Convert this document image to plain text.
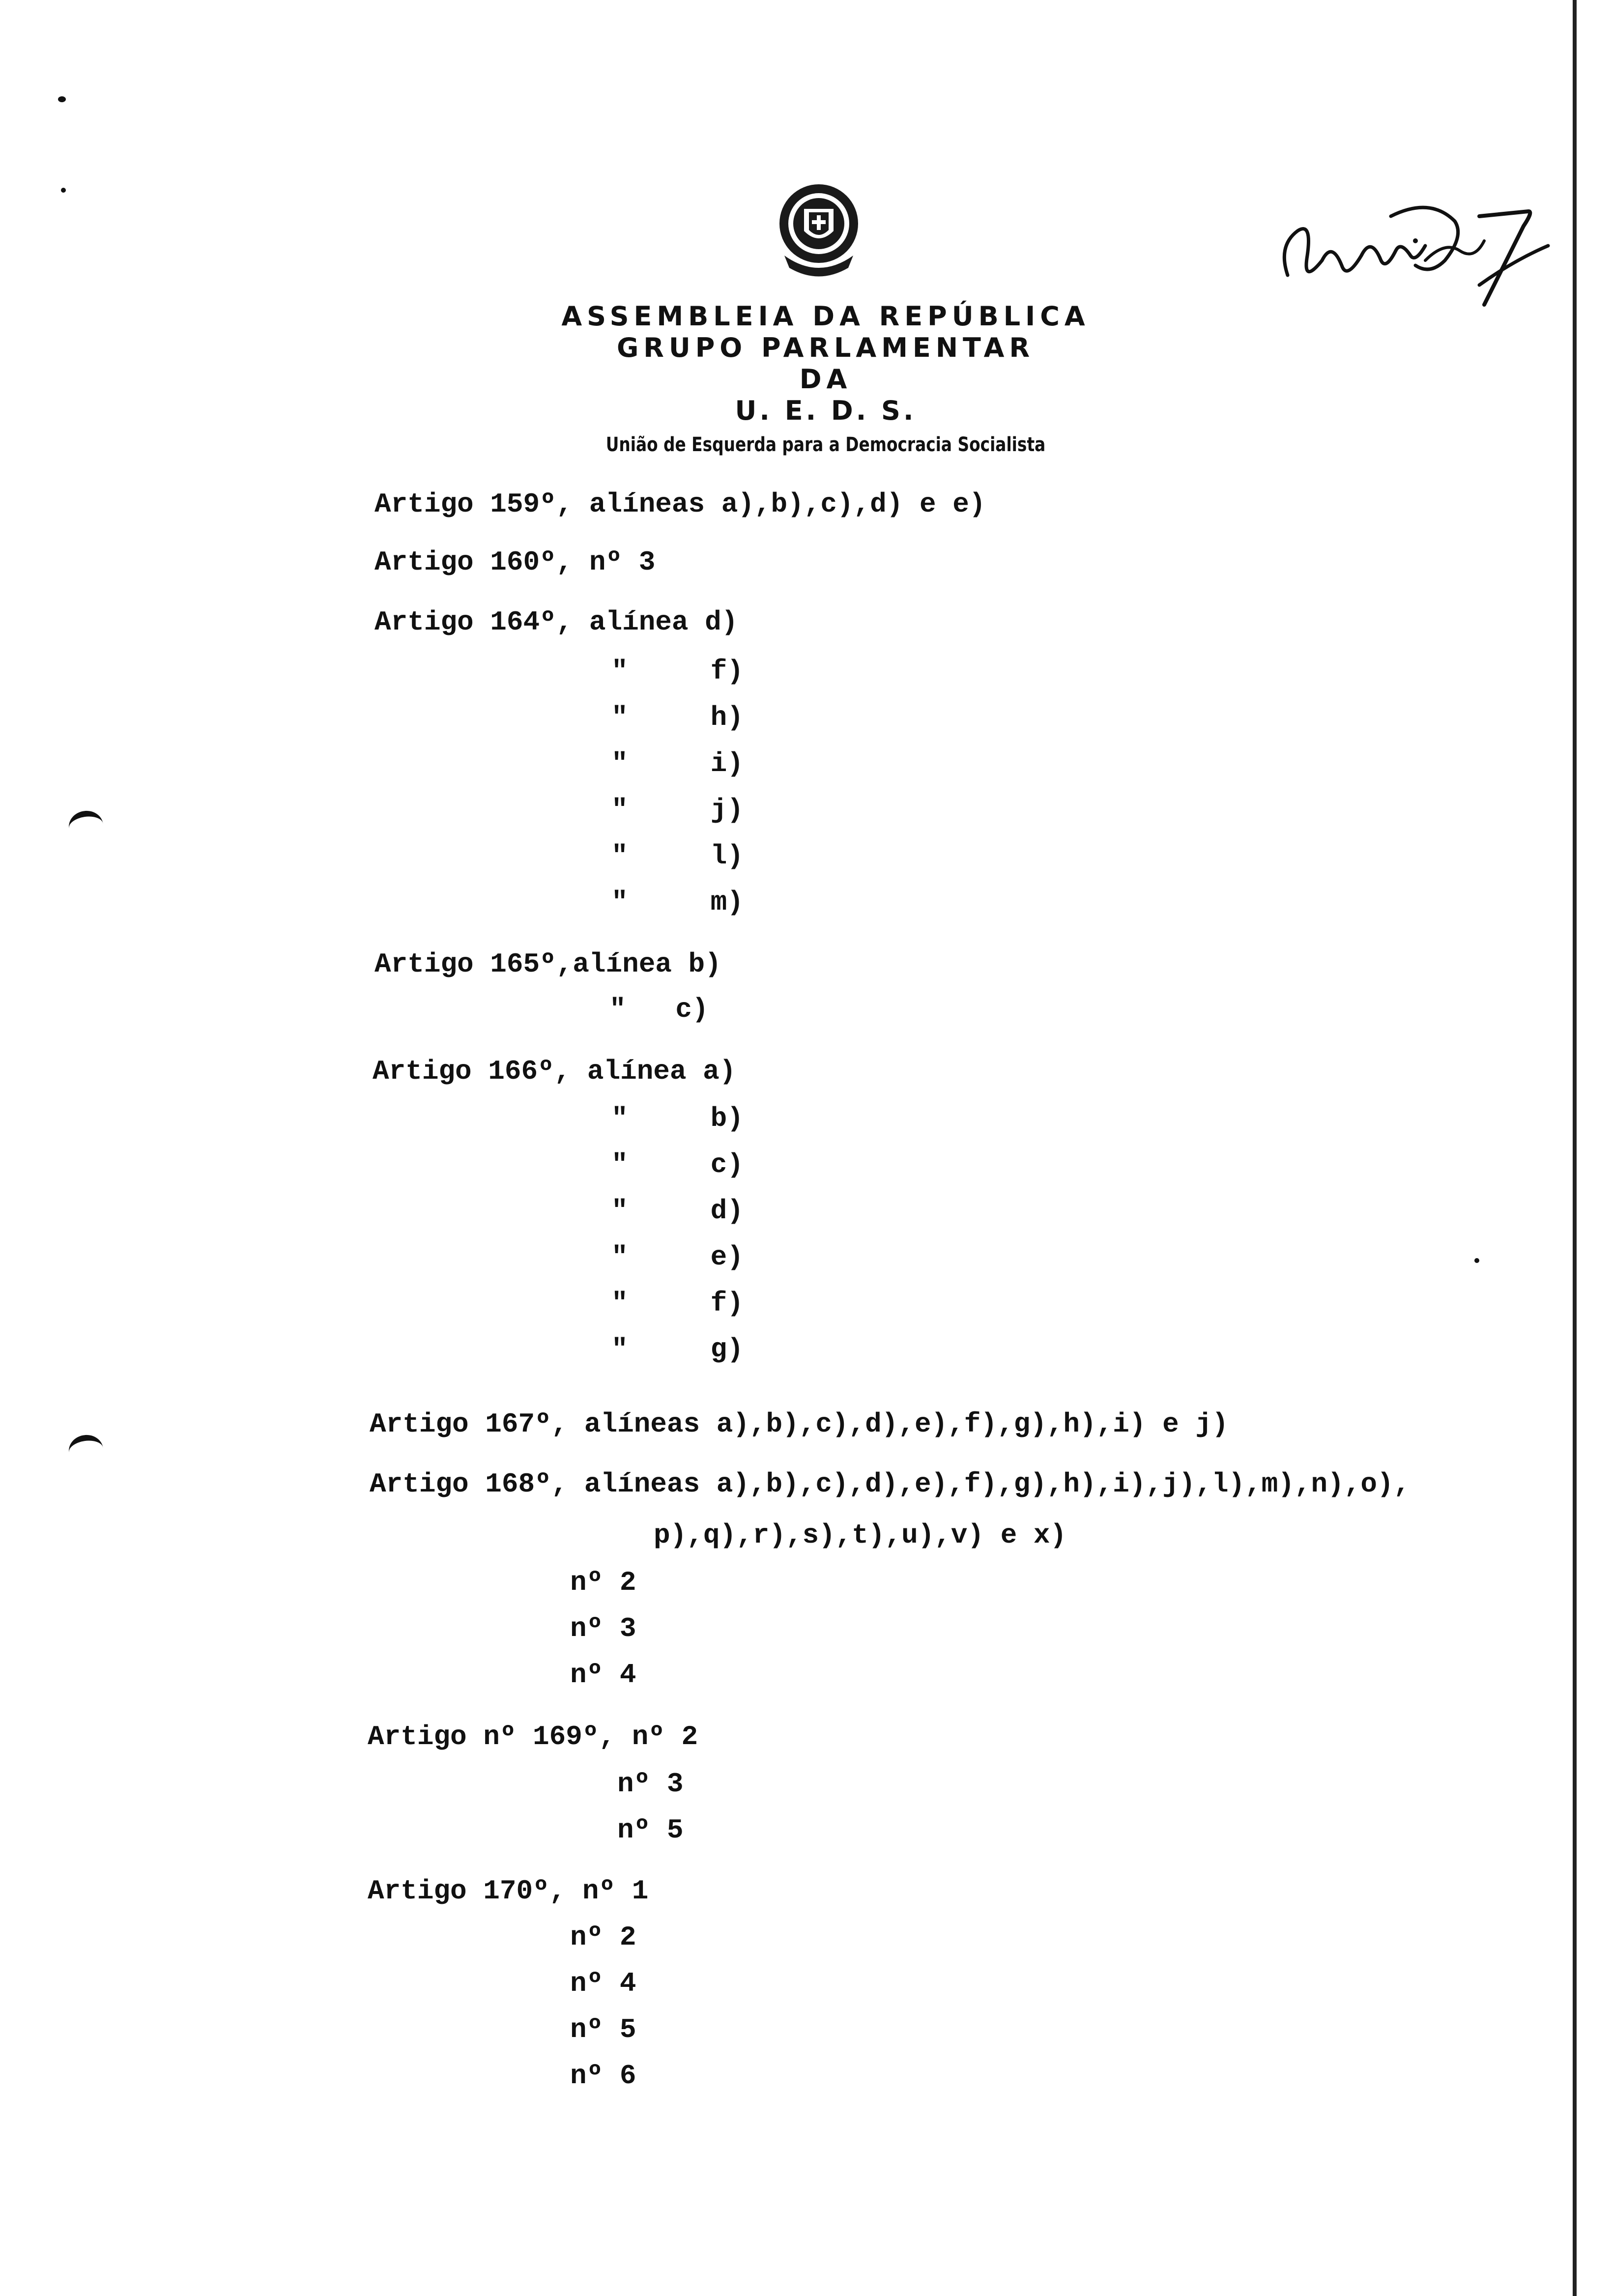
ASSEMBLEIA DA REPÚBLICA
GRUPO PARLAMENTAR
DA
U. E. D. S.
União de Esquerda para a Democracia Socialista
Artigo 159º, alíneas a),b),c),d) e e)
Artigo 160º, nº 3
Artigo 164º, alínea d)
"     f)
"     h)
"     i)
"     j)
"     l)
"     m)
Artigo 165º,alínea b)
"   c)
Artigo 166º, alínea a)
"     b)
"     c)
"     d)
"     e)
"     f)
"     g)
Artigo 167º, alíneas a),b),c),d),e),f),g),h),i) e j)
Artigo 168º, alíneas a),b),c),d),e),f),g),h),i),j),l),m),n),o),
p),q),r),s),t),u),v) e x)
nº 2
nº 3
nº 4
Artigo nº 169º, nº 2
nº 3
nº 5
Artigo 170º, nº 1
nº 2
nº 4
nº 5
nº 6
